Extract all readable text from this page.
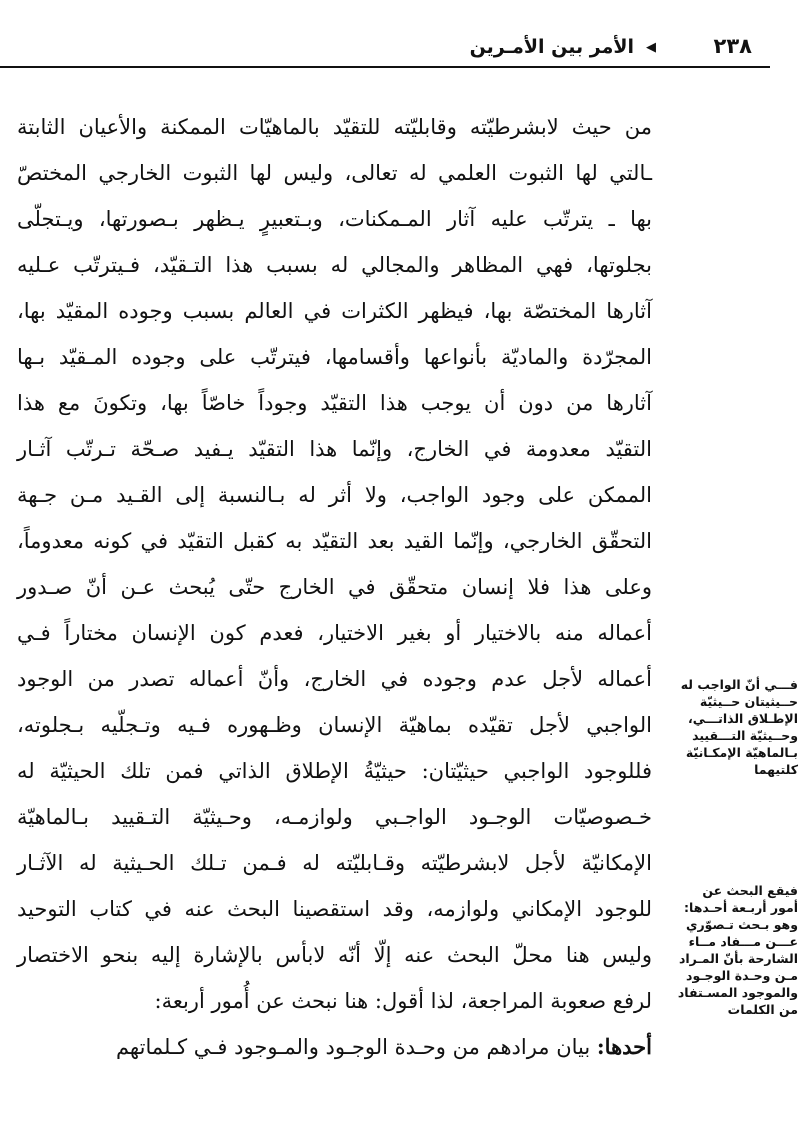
الأمر بين الأمـرين ◀	٢٣٨
من حيث لابشرطيّته وقابليّته للتقيّد بالماهيّات الممكنة والأعيان الثابتة
ـالتي لها الثبوت العلمي له تعالى، وليس لها الثبوت الخارجي المختصّ
بها ـ يترتّب عليه آثار المـمكنات، وبـتعبيرٍ يـظهر بـصورتها، ويـتجلّى
بجلوتها، فهي المظاهر والمجالي له بسبب هذا التـقيّد، فـيترتّب عـليه
آثارها المختصّة بها، فيظهر الكثرات في العالم بسبب وجوده المقيّد بها،
المجرّدة والماديّة بأنواعها وأقسامها، فيترتّب على وجوده المـقيّد بـها
آثارها من دون أن يوجب هذا التقيّد وجوداً خاصّاً بها، وتكونَ مع هذا
التقيّد معدومة في الخارج، وإنّما هذا التقيّد يـفيد صـحّة تـرتّب آثـار
الممكن على وجود الواجب، ولا أثر له بـالنسبة إلى القـيد مـن جـهة
التحقّق الخارجي، وإنّما القيد بعد التقيّد به كقبل التقيّد في كونه معدوماً،
وعلى هذا فلا إنسان متحقّق في الخارج حتّى يُبحث عـن أنّ صـدور
أعماله منه بالاختيار أو بغير الاختيار، فعدم كون الإنسان مختاراً فـي
أعماله لأجل عدم وجوده في الخارج، وأنّ أعماله تصدر من الوجود
الواجبي لأجل تقيّده بماهيّة الإنسان وظـهوره فـيه وتـجلّيه بـجلوته،
فللوجود الواجبي حيثيّتان: حيثيّةُ الإطلاق الذاتي فمن تلك الحيثيّة له
خـصوصيّات الوجـود الواجـبي ولوازمـه، وحـيثيّة التـقييد بـالماهيّة
الإمكانيّة لأجل لابشرطيّته وقـابليّته له فـمن تـلك الحـيثية له الآثـار
للوجود الإمكاني ولوازمه، وقد استقصينا البحث عنه في كتاب التوحيد
وليس هنا محلّ البحث عنه إلّا أنّه لابأس بالإشارة إليه بنحو الاختصار
لرفع صعوبة المراجعة، لذا أقول: هنا نبحث عن أُمور أربعة:
أحدها: بيان مرادهم من وحـدة الوجـود والمـوجود فـي كـلماتهم
فـــي أنّ الواجب له
حــيثيتان حــيثيّة
الإطـلاق الذاتـــي،
وحــيثيّة التـــقييد
بـالماهيّة الإمكـانيّة
كلتيهما
فيقع البحث عن
أمور أربـعة أحـدها:
وهو بـحث تـصوّري
عـــن مـــفاد مــاء
الشارحة بأنّ المـراد
مـن وحـدة الوجـود
والموجود المسـتفاد
من الكلمات
